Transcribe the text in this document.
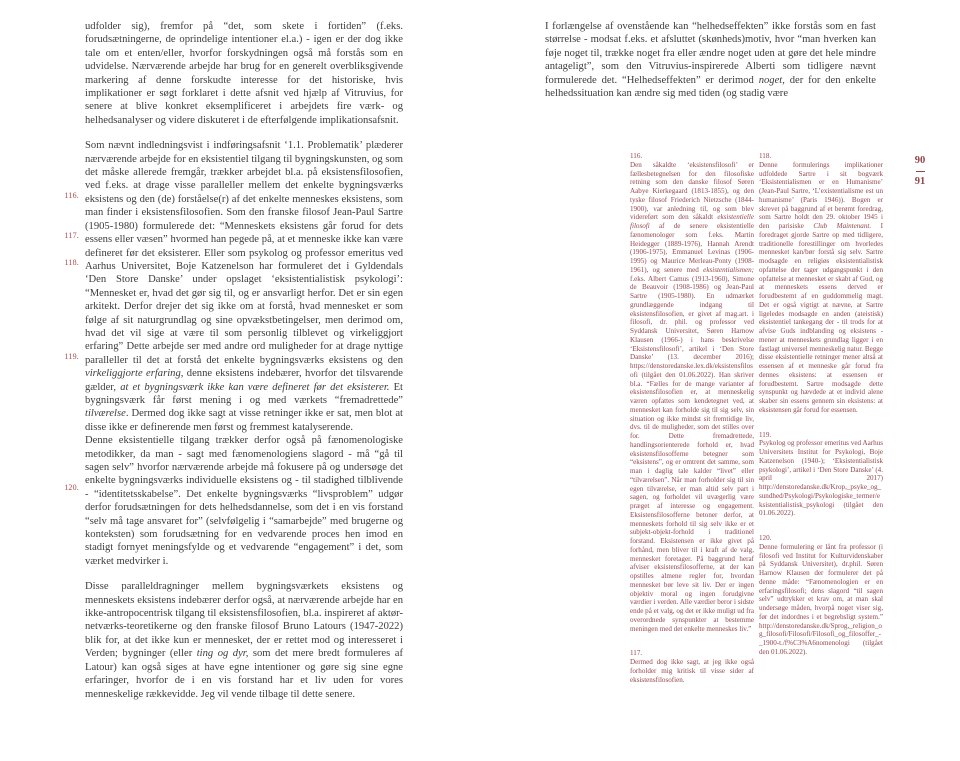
116.
117.
118.
119.
120.

udfolder sig), fremfor på “det, som skete i fortiden” (f.eks. forudsætningerne, de oprindelige intentioner el.a.) - igen er der dog ikke tale om et enten/eller, hvorfor forskydningen også må forstås som en udvidelse. Nærværende arbejde har brug for en generelt overbliksgivende markering af denne forskudte interesse for det historiske, hvis implikationer er søgt forklaret i dette afsnit ved hjælp af Vitruvius, for senere at blive konkret eksemplificeret i arbejdets fire værk- og helhedsanalyser og videre diskuteret i de efterfølgende implikationsafsnit.

Som nævnt indledningsvist i indføringsafsnit ‘1.1. Problematik’ plæderer nærværende arbejde for en eksistentiel tilgang til bygningskunsten, og som det måske allerede fremgår, trækker arbejdet bl.a. på eksistensfilosofien, ved f.eks. at drage visse paralleller mellem det enkelte bygningsværks eksistens og den (de) forståelse(r) af det enkelte menneskes eksistens, som man finder i eksistensfilosofien. Som den franske filosof Jean-Paul Sartre (1905-1980) formulerede det: “Menneskets eksistens går forud for dets essens eller væsen” hvormed han pegede på, at et menneske ikke kan være defineret før det eksisterer. Eller som psykolog og professor emeritus ved Aarhus Universitet, Boje Katzenelson har formuleret det i Gyldendals ‘Den Store Danske’ under opslaget ‘eksistentialistisk psykologi’: “Mennesket er, hvad det gør sig til, og er ansvarligt herfor. Det er sin egen arkitekt. Derfor drejer det sig ikke om at forstå, hvad mennesket er som følge af sit naturgrundlag og sine opvækstbetingelser, men derimod om, hvad det vil sige at være til som personlig tilblevet og virkeliggjort erfaring” Dette arbejde ser med andre ord muligheder for at drage nyttige paralleller til det at forstå det enkelte bygningsværks eksistens og den virkeliggjorte erfaring, denne eksistens indebærer, hvorfor det tilsvarende gælder, at et bygningsværk ikke kan være defineret før det eksisterer. Et bygningsværk får først mening i og med værkets “fremadrettede” tilværelse. Dermed dog ikke sagt at visse retninger ikke er sat, men blot at disse ikke er definerende men først og fremmest katalyserende.

Denne eksistentielle tilgang trækker derfor også på fænomenologiske metodikker, da man - sagt med fænomenologiens slagord - må “gå til sagen selv” hvorfor nærværende arbejde må fokusere på og undersøge det enkelte bygningsværks individuelle eksistens og - til stadighed tilblivende - “identitetsskabelse”. Det enkelte bygningsværks “livsproblem” udgør derfor forudsætningen for dets helhedsdannelse, som det i en vis forstand “selv må tage ansvaret for” (selvfølgelig i “samarbejde” med brugerne og konteksten) som forudsætning for en vedvarende proces hen imod en stadigt fornyet meningsfylde og et vedvarende “engagement” i det, som værket medvirker i.

Disse paralleldragninger mellem bygningsværkets eksistens og menneskets eksistens indebærer derfor også, at nærværende arbejde har en ikke-antropocentrisk tilgang til eksistensfilosofien, bl.a. inspireret af aktør-netværks-teoretikerne og den franske filosof Bruno Latours (1947-2022) blik for, at det ikke kun er mennesket, der er rettet mod og interesseret i Verden; bygninger (eller ting og dyr, som det mere bredt formuleres af Latour) kan også siges at have egne intentioner og gøre sig sine egne erfaringer, hvorfor de i en vis forstand har et liv uden for vores menneskelige rækkevidde. Jeg vil vende tilbage til dette senere.

I forlængelse af ovenstående kan “helhedseffekten” ikke forstås som en fast størrelse - modsat f.eks. et afsluttet (skønheds)motiv, hvor “man hverken kan føje noget til, trække noget fra eller ændre noget uden at gøre det hele mindre antageligt”, som den Vitruvius-inspirerede Alberti som tidligere nævnt formulerede det. “Helhedseffekten” er derimod noget, der for den enkelte helhedssituation kan ændre sig med tiden (og stadig være

116.
Den såkaldte ‘eksistensfilosofi’ er fællesbetegnelsen for den filosofiske retning som den danske filosof Søren Aabye Kierkegaard (1813-1855), og den tyske filosof Friederich Nietzsche (1844-1900), var anledning til, og som blev videreført som den såkaldt eksistentielle filosofi af de senere eksistentielle fænomenologer som f.eks. Martin Heidegger (1889-1976), Hannah Arendt (1906-1975), Emmanuel Levinas (1906-1995) og Maurice Merleau-Ponty (1908-1961), og senere med eksistentialismen; f.eks. Albert Camus (1913-1960), Simone de Beauvoir (1908-1986) og Jean-Paul Sartre (1905-1980). En udmærket grundlæggende indgang til eksistensfilosofien, er givet af mag.art. i filosofi, dr. phil. og professor ved Syddansk Universitet, Søren Harnow Klausen (1966-) i hans beskrivelse ‘Eksistensfilosofi’, artikel i ‘Den Store Danske’ (13. december 2016); https://denstoredanske.lex.dk/eksistensfilosofi (tilgået den 01.06.2022). Han skriver bl.a. “Fælles for de mange varianter af eksistensfilosofien er, at menneskelig væren opfattes som kendetegnet ved, at mennesket kan forholde sig til sig selv, sin situation og ikke mindst sit fremtidige liv, dvs. til de muligheder, som det stilles over for. Dette fremadrettede, handlingsorienterede forhold er, hvad eksistensfilosofferne betegner som “eksistens”, og er omtrent det samme, som man i daglig tale kalder “livet” eller “tilværelsen”. Når man forholder sig til sin egen tilværelse, er man altid selv part i sagen, og forholdet vil uvægerlig være præget af interesse og engagement. Eksistensfilosofferne betoner derfor, at menneskets forhold til sig selv ikke er et subjekt-objekt-forhold i traditionel forstand. Eksistensen er ikke givet på forhånd, men bliver til i kraft af de valg, mennesket foretager. På baggrund heraf afviser eksistensfilosofferne, at der kan opstilles almene regler for, hvordan mennesket bør leve sit liv. Der er ingen objektiv moral og ingen forudgivne værdier i verden. Alle værdier beror i sidste ende på et valg, og det er ikke muligt ud fra overordnede synspunkter at bestemme meningen med det enkelte menneskes liv.”
117.
Dermed dog ikke sagt, at jeg ikke også forholder mig kritisk til visse sider af eksistensfilosofien.
118.
Denne formulerings implikationer udfoldede Sartre i sit bogværk ‘Eksistentialismen er en Humanisme’ (Jean-Paul Sartre, ‘L’existentialisme est un humanisme’ (Paris 1946)). Bogen er skrevet på baggrund af et berømt foredrag, som Sartre holdt den 29. oktober 1945 i den parisiske Club Maintenant. I foredraget gjorde Sartre op med tidligere, traditionelle forestillinger om hvorledes mennesket kan/bør forstå sig selv. Sartre modsagde en religiøs eksistentialistisk opfattelse der tager udgangspunkt i den opfattelse at mennesket er skabt af Gud, og at menneskets essens derved er forudbestemt af en guddommelig magt. Det er også vigtigt at nævne, at Sartre ligeledes modsagde en anden (ateistisk) eksistentiel tankegang der - til trods for at afvise Guds indblanding og eksistens - mener at menneskets grundlag ligger i en fastlagt universel menneskelig natur. Begge disse eksistentielle retninger mener altså at essensen af et menneske går forud fra dennes eksistens: at essensen er forudbestemt. Sartre modsagde dette synspunkt og hævdede at et individ alene skaber sin essens gennem sin eksistens: at eksistensen går forud for essensen.
119.
Psykolog og professor emeritus ved Aarhus Universitets Institut for Psykologi, Boje Katzenelson (1940-); ‘Eksistentialistisk psykologi’, artikel i ‘Den Store Danske’ (4. april 2017) http://denstoredanske.dk/Krop,_psyke_og_sundhed/Psykologi/Psykologiske_termer/eksistentialistisk_psykologi (tilgået den 01.06.2022).
120.
Denne formulering er lånt fra professor (i filosofi ved Institut for Kulturvidenskaber på Syddansk Universitet), dr.phil. Søren Harnow Klausen der formulerer det på denne måde: “Fænomenologien er en erfaringsfilosofi; dens slagord “til sagen selv” udtrykker et krav om, at man skal undersøge måden, hvorpå noget viser sig, før det indordnes i et begrebsligt system.” http://denstoredanske.dk/Sprog,_religion_og_filosofi/Filosofi/Filosofi_og_filosoffer_-_1900-t./f%C3%A6nomenologi (tilgået den 01.06.2022).
90
91
